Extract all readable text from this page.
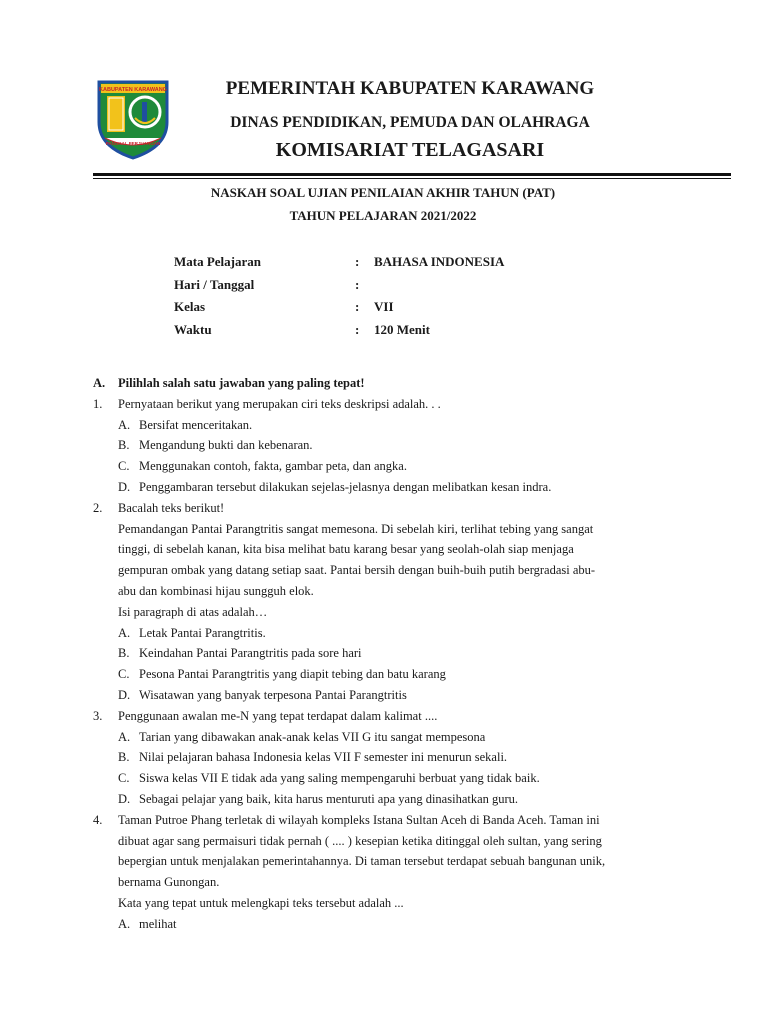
KABUPATEN KARAWANG
PANGKAL PERJUANGAN
PEMERINTAH KABUPATEN KARAWANG
DINAS PENDIDIKAN, PEMUDA DAN OLAHRAGA
KOMISARIAT TELAGASARI
NASKAH SOAL UJIAN PENILAIAN AKHIR TAHUN (PAT)
TAHUN PELAJARAN 2021/2022
Mata Pelajaran	: BAHASA INDONESIA
Hari / Tanggal	:
Kelas	: VII
Waktu	: 120 Menit
A. Pilihlah salah satu jawaban yang paling tepat!
1. Pernyataan berikut yang merupakan ciri teks deskripsi adalah. . .
A. Bersifat menceritakan.
B. Mengandung bukti dan kebenaran.
C. Menggunakan contoh, fakta, gambar peta, dan angka.
D. Penggambaran tersebut dilakukan sejelas-jelasnya dengan melibatkan kesan indra.
2. Bacalah teks berikut!
Pemandangan Pantai Parangtritis sangat memesona. Di sebelah kiri, terlihat tebing yang sangat
tinggi, di sebelah kanan, kita bisa melihat batu karang besar yang seolah-olah siap menjaga
gempuran ombak yang datang setiap saat. Pantai bersih dengan buih-buih putih bergradasi abu-
abu dan kombinasi hijau sungguh elok.
Isi paragraph di atas adalah…
A. Letak Pantai Parangtritis.
B. Keindahan Pantai Parangtritis pada sore hari
C. Pesona Pantai Parangtritis yang diapit tebing dan batu karang
D. Wisatawan yang banyak terpesona Pantai Parangtritis
3. Penggunaan awalan me-N yang tepat terdapat dalam kalimat ....
A. Tarian yang dibawakan anak-anak kelas VII G itu sangat mempesona
B. Nilai pelajaran bahasa Indonesia kelas VII F semester ini menurun sekali.
C. Siswa kelas VII E tidak ada yang saling mempengaruhi berbuat yang tidak baik.
D. Sebagai pelajar yang baik, kita harus menturuti apa yang dinasihatkan guru.
4. Taman Putroe Phang terletak di wilayah kompleks Istana Sultan Aceh di Banda Aceh. Taman ini
dibuat agar sang permaisuri tidak pernah ( .... ) kesepian ketika ditinggal oleh sultan, yang sering
bepergian untuk menjalakan pemerintahannya. Di taman tersebut terdapat sebuah bangunan unik,
bernama Gunongan.
Kata yang tepat untuk melengkapi teks tersebut adalah ...
A. melihat
